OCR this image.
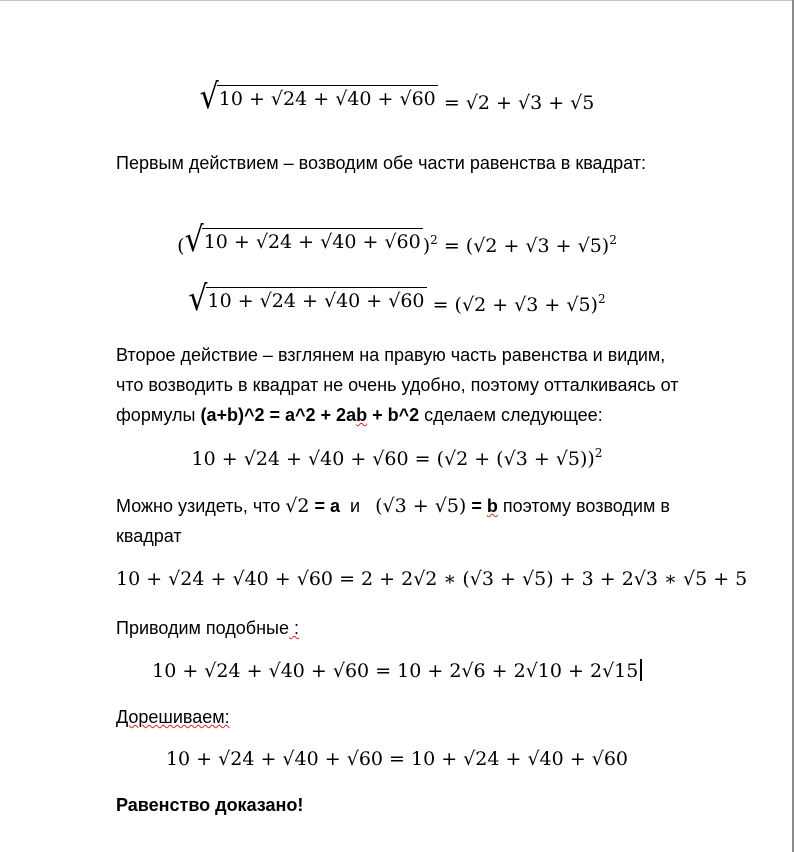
√ 10 + √24 + √40 + √60 = √2 + √3 + √5
Первым действием – возводим обе части равенства в квадрат:
( √ 10 + √24 + √40 + √60 )$^2 = (√2 + √3 + √5)^2$
√ $10 + √24 + √40 + √60 = (√2 + √3 + √5)^2$
Второе действие – взглянем на правую часть равенства и видим,
что возводить в квадрат не очень удобно, поэтому отталкиваясь от
формулы (a+b)^2 = a^2 + 2ab + b^2 сделаем следующее:
$10 + √24 + √40 + √60 = (√2 + (√3 + √5))^2$
Можно узидеть, что √2 = a и (√3 + √5) = b поэтому возводим в
квадрат
10 + √24 + √40 + √60 = 2 + 2√2 ∗ (√3 + √5) + 3 + 2√3 ∗ √5 + 5
Приводим подобные :
10 + √24 + √40 + √60 = 10 + 2√6 + 2√10 + 2√15
Дорешиваем:
10 + √24 + √40 + √60 = 10 + √24 + √40 + √60
Равенство доказано!
